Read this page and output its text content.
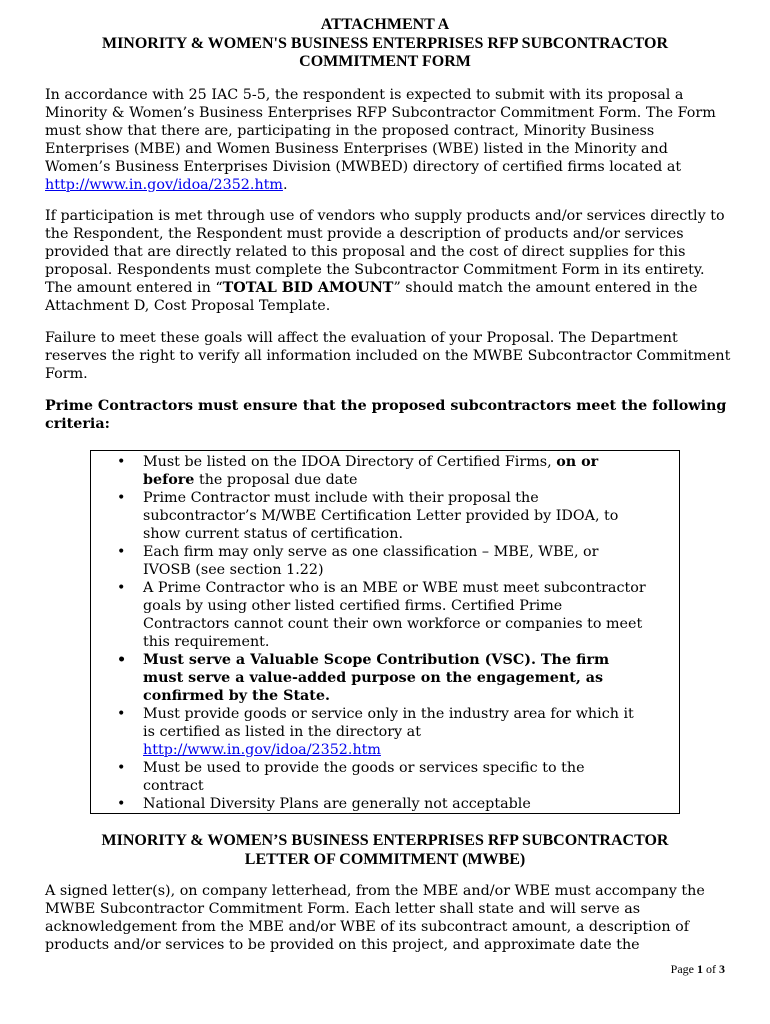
ATTACHMENT A
MINORITY & WOMEN'S BUSINESS ENTERPRISES RFP SUBCONTRACTOR
COMMITMENT FORM

In accordance with 25 IAC 5-5, the respondent is expected to submit with its proposal a Minority & Women’s Business Enterprises RFP Subcontractor Commitment Form. The Form must show that there are, participating in the proposed contract, Minority Business Enterprises (MBE) and Women Business Enterprises (WBE) listed in the Minority and Women’s Business Enterprises Division (MWBED) directory of certified firms located at http://www.in.gov/idoa/2352.htm.

If participation is met through use of vendors who supply products and/or services directly to the Respondent, the Respondent must provide a description of products and/or services provided that are directly related to this proposal and the cost of direct supplies for this proposal. Respondents must complete the Subcontractor Commitment Form in its entirety. The amount entered in “TOTAL BID AMOUNT” should match the amount entered in the Attachment D, Cost Proposal Template.

Failure to meet these goals will affect the evaluation of your Proposal. The Department reserves the right to verify all information included on the MWBE Subcontractor Commitment Form.

Prime Contractors must ensure that the proposed subcontractors meet the following criteria:

• Must be listed on the IDOA Directory of Certified Firms, on or before the proposal due date
• Prime Contractor must include with their proposal the subcontractor’s M/WBE Certification Letter provided by IDOA, to show current status of certification.
• Each firm may only serve as one classification – MBE, WBE, or IVOSB (see section 1.22)
• A Prime Contractor who is an MBE or WBE must meet subcontractor goals by using other listed certified firms. Certified Prime Contractors cannot count their own workforce or companies to meet this requirement.
• Must serve a Valuable Scope Contribution (VSC). The firm must serve a value-added purpose on the engagement, as confirmed by the State.
• Must provide goods or service only in the industry area for which it is certified as listed in the directory at http://www.in.gov/idoa/2352.htm
• Must be used to provide the goods or services specific to the contract
• National Diversity Plans are generally not acceptable
MINORITY & WOMEN’S BUSINESS ENTERPRISES RFP SUBCONTRACTOR
LETTER OF COMMITMENT (MWBE)

A signed letter(s), on company letterhead, from the MBE and/or WBE must accompany the MWBE Subcontractor Commitment Form. Each letter shall state and will serve as acknowledgement from the MBE and/or WBE of its subcontract amount, a description of products and/or services to be provided on this project, and approximate date the

Page 1 of 3
